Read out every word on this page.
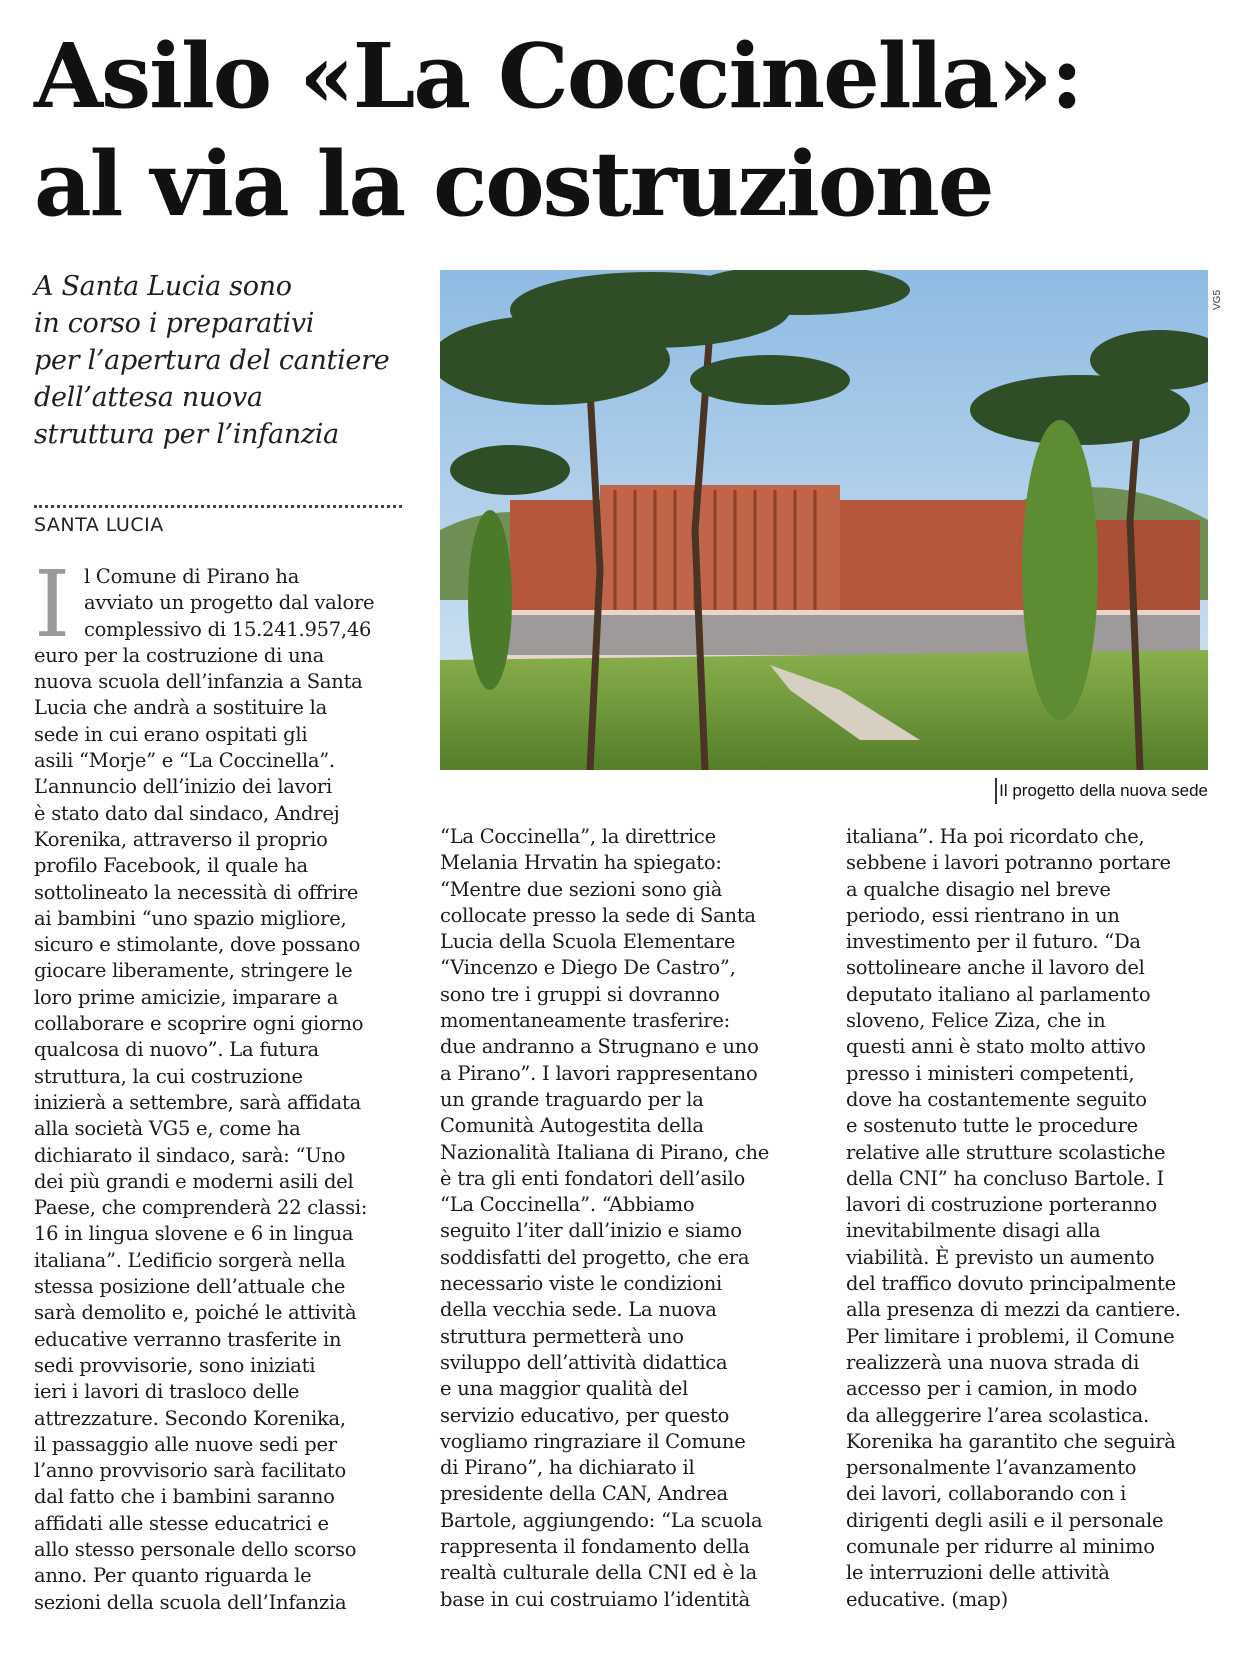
Asilo «La Coccinella»:
al via la costruzione
A Santa Lucia sono
in corso i preparativi
per l’apertura del cantiere
dell’attesa nuova
struttura per l’infanzia
SANTA LUCIA
VG5
Il progetto della nuova sede
I l Comune di Pirano ha
avviato un progetto dal valore
complessivo di 15.241.957,46
euro per la costruzione di una
nuova scuola dell’infanzia a Santa
Lucia che andrà a sostituire la
sede in cui erano ospitati gli
asili “Morje” e “La Coccinella”.
L’annuncio dell’inizio dei lavori
è stato dato dal sindaco, Andrej
Korenika, attraverso il proprio
profilo Facebook, il quale ha
sottolineato la necessità di offrire
ai bambini “uno spazio migliore,
sicuro e stimolante, dove possano
giocare liberamente, stringere le
loro prime amicizie, imparare a
collaborare e scoprire ogni giorno
qualcosa di nuovo”. La futura
struttura, la cui costruzione
inizierà a settembre, sarà affidata
alla società VG5 e, come ha
dichiarato il sindaco, sarà: “Uno
dei più grandi e moderni asili del
Paese, che comprenderà 22 classi:
16 in lingua slovene e 6 in lingua
italiana”. L’edificio sorgerà nella
stessa posizione dell’attuale che
sarà demolito e, poiché le attività
educative verranno trasferite in
sedi provvisorie, sono iniziati
ieri i lavori di trasloco delle
attrezzature. Secondo Korenika,
il passaggio alle nuove sedi per
l’anno provvisorio sarà facilitato
dal fatto che i bambini saranno
affidati alle stesse educatrici e
allo stesso personale dello scorso
anno. Per quanto riguarda le
sezioni della scuola dell’Infanzia
“La Coccinella”, la direttrice
Melania Hrvatin ha spiegato:
“Mentre due sezioni sono già
collocate presso la sede di Santa
Lucia della Scuola Elementare
“Vincenzo e Diego De Castro”,
sono tre i gruppi si dovranno
momentaneamente trasferire:
due andranno a Strugnano e uno
a Pirano”. I lavori rappresentano
un grande traguardo per la
Comunità Autogestita della
Nazionalità Italiana di Pirano, che
è tra gli enti fondatori dell’asilo
“La Coccinella”. “Abbiamo
seguito l’iter dall’inizio e siamo
soddisfatti del progetto, che era
necessario viste le condizioni
della vecchia sede. La nuova
struttura permetterà uno
sviluppo dell’attività didattica
e una maggior qualità del
servizio educativo, per questo
vogliamo ringraziare il Comune
di Pirano”, ha dichiarato il
presidente della CAN, Andrea
Bartole, aggiungendo: “La scuola
rappresenta il fondamento della
realtà culturale della CNI ed è la
base in cui costruiamo l’identità
italiana”. Ha poi ricordato che,
sebbene i lavori potranno portare
a qualche disagio nel breve
periodo, essi rientrano in un
investimento per il futuro. “Da
sottolineare anche il lavoro del
deputato italiano al parlamento
sloveno, Felice Ziza, che in
questi anni è stato molto attivo
presso i ministeri competenti,
dove ha costantemente seguito
e sostenuto tutte le procedure
relative alle strutture scolastiche
della CNI” ha concluso Bartole. I
lavori di costruzione porteranno
inevitabilmente disagi alla
viabilità. È previsto un aumento
del traffico dovuto principalmente
alla presenza di mezzi da cantiere.
Per limitare i problemi, il Comune
realizzerà una nuova strada di
accesso per i camion, in modo
da alleggerire l’area scolastica.
Korenika ha garantito che seguirà
personalmente l’avanzamento
dei lavori, collaborando con i
dirigenti degli asili e il personale
comunale per ridurre al minimo
le interruzioni delle attività
educative. (map)
